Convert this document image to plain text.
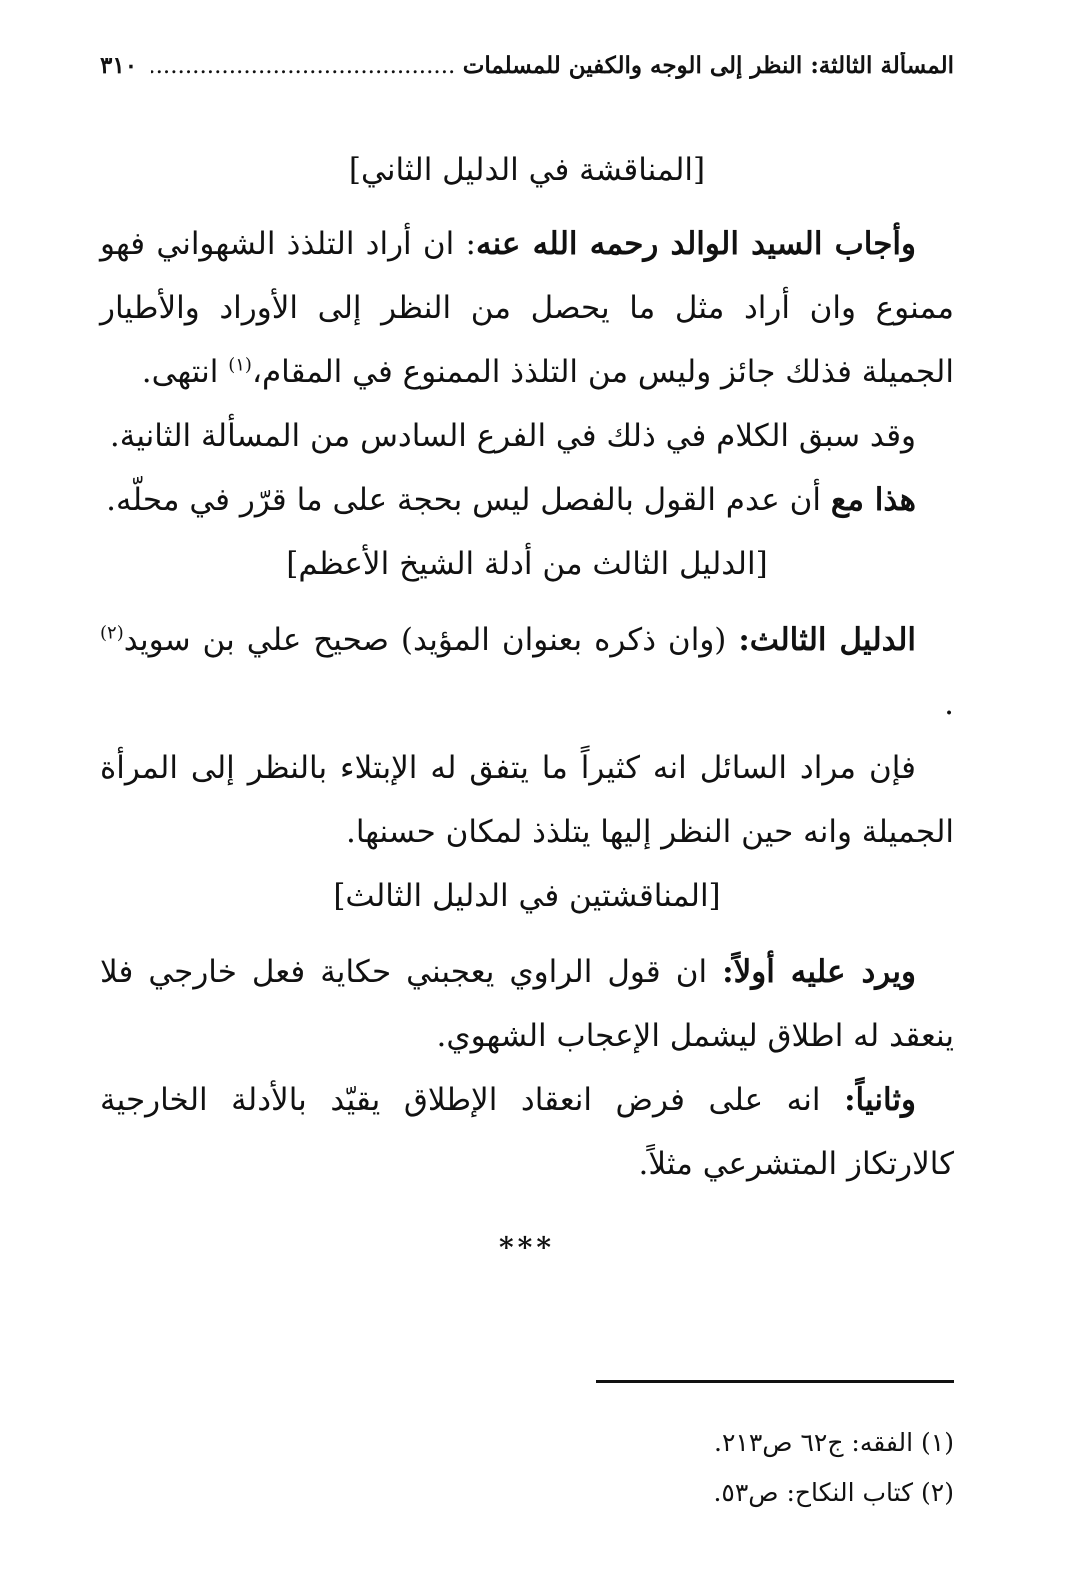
المسألة الثالثة: النظر إلى الوجه والكفين للمسلمات .....
٣١٠

[المناقشة في الدليل الثاني]

وأجاب السيد الوالد رحمه الله عنه: ان أراد التلذذ الشهواني فهو ممنوع وان أراد مثل ما يحصل من النظر إلى الأوراد والأطيار الجميلة فذلك جائز وليس من التلذذ الممنوع في المقام،$^{(١)}$ انتهى.

وقد سبق الكلام في ذلك في الفرع السادس من المسألة الثانية.

هذا مع أن عدم القول بالفصل ليس بحجة على ما قرّر في محلّه.

[الدليل الثالث من أدلة الشيخ الأعظم]

الدليل الثالث: (وان ذكره بعنوان المؤيد) صحيح علي بن سويد$^{(٢)}$ .

فإن مراد السائل انه كثيراً ما يتفق له الإبتلاء بالنظر إلى المرأة الجميلة وانه حين النظر إليها يتلذذ لمكان حسنها.

[المناقشتين في الدليل الثالث]

ويرد عليه أولاً: ان قول الراوي يعجبني حكاية فعل خارجي فلا ينعقد له اطلاق ليشمل الإعجاب الشهوي.

وثانياً: انه على فرض انعقاد الإطلاق يقيّد بالأدلة الخارجية كالارتكاز المتشرعي مثلاً.

***

(١) الفقه: ج٦٢ ص٢١٣.

(٢) كتاب النكاح: ص٥٣.
